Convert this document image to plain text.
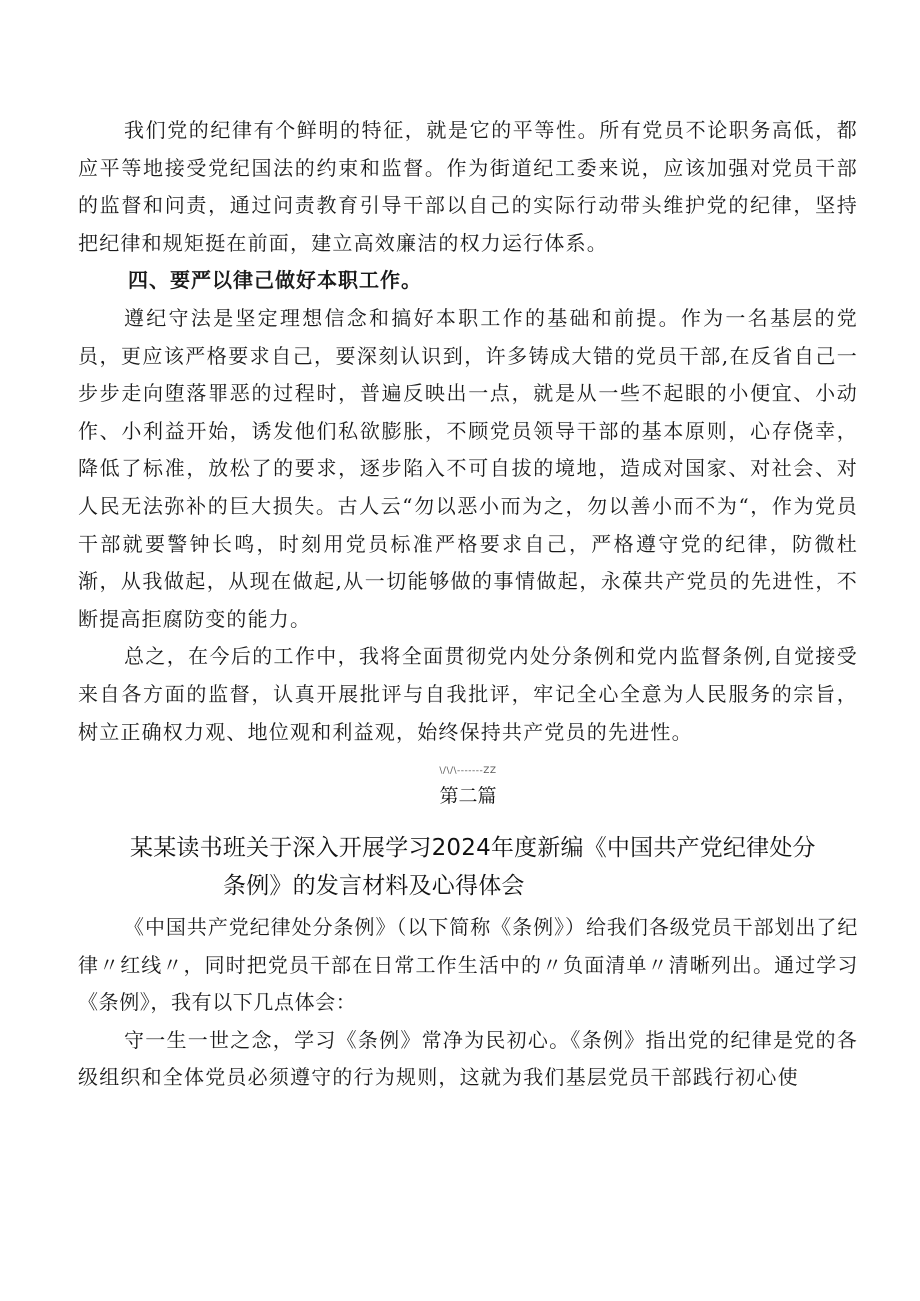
我们党的纪律有个鲜明的特征，就是它的平等性。所有党员不论职务高低，都应平等地接受党纪国法的约束和监督。作为街道纪工委来说，应该加强对党员干部的监督和问责，通过问责教育引导干部以自己的实际行动带头维护党的纪律，坚持把纪律和规矩挺在前面，建立高效廉洁的权力运行体系。

四、要严以律己做好本职工作。

遵纪守法是坚定理想信念和搞好本职工作的基础和前提。作为一名基层的党员，更应该严格要求自己，要深刻认识到，许多铸成大错的党员干部,在反省自己一步步走向堕落罪恶的过程时，普遍反映出一点，就是从一些不起眼的小便宜、小动作、小利益开始，诱发他们私欲膨胀，不顾党员领导干部的基本原则，心存侥幸，降低了标准，放松了的要求，逐步陷入不可自拔的境地，造成对国家、对社会、对人民无法弥补的巨大损失。古人云“勿以恶小而为之，勿以善小而不为“，作为党员干部就要警钟长鸣，时刻用党员标准严格要求自己，严格遵守党的纪律，防微杜渐，从我做起，从现在做起,从一切能够做的事情做起，永葆共产党员的先进性，不断提高拒腐防变的能力。

总之，在今后的工作中，我将全面贯彻党内处分条例和党内监督条例,自觉接受来自各方面的监督，认真开展批评与自我批评，牢记全心全意为人民服务的宗旨，树立正确权力观、地位观和利益观，始终保持共产党员的先进性。

\/\/\-------ZZ
第二篇
某某读书班关于深入开展学习2024年度新编《中国共产党纪律处分
条例》的发言材料及心得体会

《中国共产党纪律处分条例》（以下简称《条例》）给我们各级党员干部划出了纪律〃红线〃，同时把党员干部在日常工作生活中的〃负面清单〃清晰列出。通过学习《条例》，我有以下几点体会：

守一生一世之念，学习《条例》常净为民初心。《条例》指出党的纪律是党的各级组织和全体党员必须遵守的行为规则，这就为我们基层党员干部践行初心使
